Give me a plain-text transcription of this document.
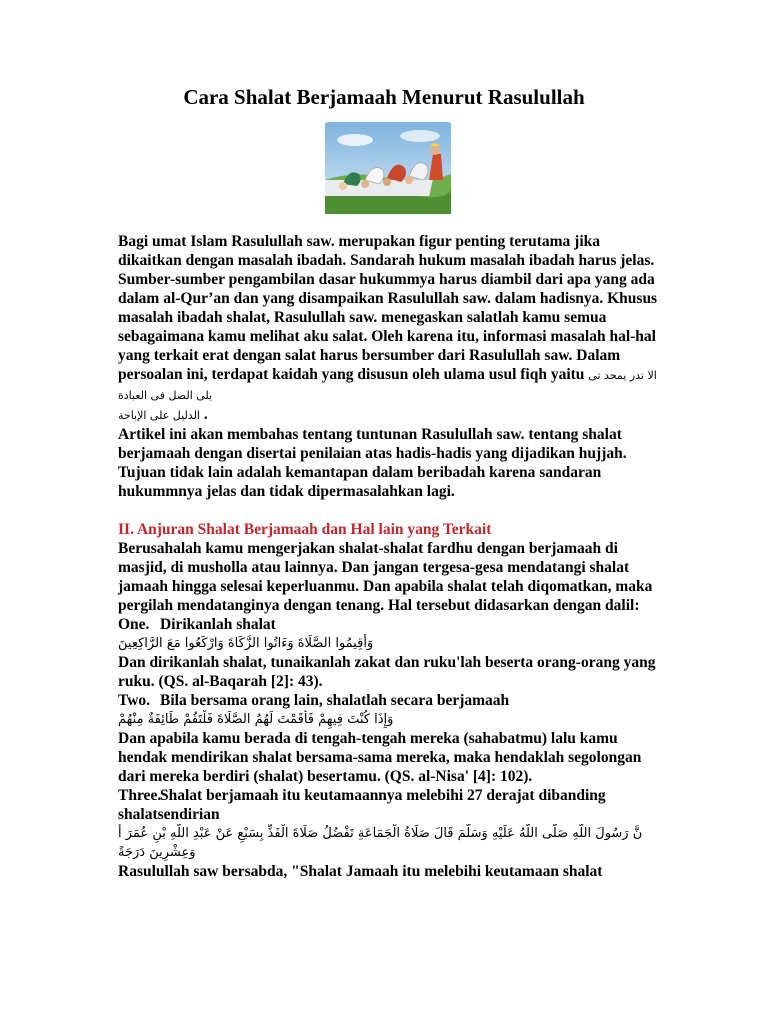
Cara Shalat Berjamaah Menurut Rasulullah

Bagi umat Islam Rasulullah saw. merupakan figur penting terutama jika dikaitkan dengan masalah ibadah. Sandarah hukum masalah ibadah harus jelas. Sumber-sumber pengambilan dasar hukummya harus diambil dari apa yang ada dalam al-Qur’an dan yang disampaikan Rasulullah saw. dalam hadisnya. Khusus masalah ibadah shalat, Rasulullah saw. menegaskan salatlah kamu semua sebagaimana kamu melihat aku salat. Oleh karena itu, informasi masalah hal-hal yang terkait erat dengan salat harus bersumber dari Rasulullah saw. Dalam persoalan ini, terdapat kaidah yang disusun oleh ulama usul fiqh yaitu الا تدر يمحد تى يلى الصل فى العبادة
الدليل على الإباحة .

Artikel ini akan membahas tentang tuntunan Rasulullah saw. tentang shalat berjamaah dengan disertai penilaian atas hadis-hadis yang dijadikan hujjah. Tujuan tidak lain adalah kemantapan dalam beribadah karena sandaran hukummnya jelas dan tidak dipermasalahkan lagi.

II. Anjuran Shalat Berjamaah dan Hal lain yang Terkait

Berusahalah kamu mengerjakan shalat-shalat fardhu dengan berjamaah di masjid, di musholla atau lainnya. Dan jangan tergesa-gesa mendatangi shalat jamaah hingga selesai keperluanmu. Dan apabila shalat telah diqomatkan, maka pergilah mendatanginya dengan tenang. Hal tersebut didasarkan dengan dalil:

One. Dirikanlah shalat

وَأَقِيمُوا الصَّلَاةَ وَءَاتُوا الزَّكَاةَ وَارْكَعُوا مَعَ الرَّاكِعِينَ

Dan dirikanlah shalat, tunaikanlah zakat dan ruku'lah beserta orang-orang yang ruku. (QS. al-Baqarah [2]: 43).

Two. Bila bersama orang lain, shalatlah secara berjamaah

وَإِذَا كُنْتَ فِيهِمْ فَأَقَمْتَ لَهُمُ الصَّلَاةَ فَلْتَقُمْ طَائِفَةٌ مِنْهُمْ

Dan apabila kamu berada di tengah-tengah mereka (sahabatmu) lalu kamu hendak mendirikan shalat bersama-sama mereka, maka hendaklah segolongan dari mereka berdiri (shalat) besertamu. (QS. al-Nisa' [4]: 102).

Three.Shalat berjamaah itu keutamaannya melebihi 27 derajat dibanding shalatsendirian

نَّ رَسُولَ اللَّهِ صَلَّى اللَّهُ عَلَيْهِ وَسَلَّمَ قَالَ صَلَاةُ الْجَمَاعَةِ تَفْضُلُ صَلَاةَ الْفَذِّ بِسَبْعٍ عَنْ عَبْدِ اللَّهِ بْنِ عُمَرَ أَ
وَعِشْرِينَ دَرَجَةً

Rasulullah saw bersabda, "Shalat Jamaah itu melebihi keutamaan shalat
